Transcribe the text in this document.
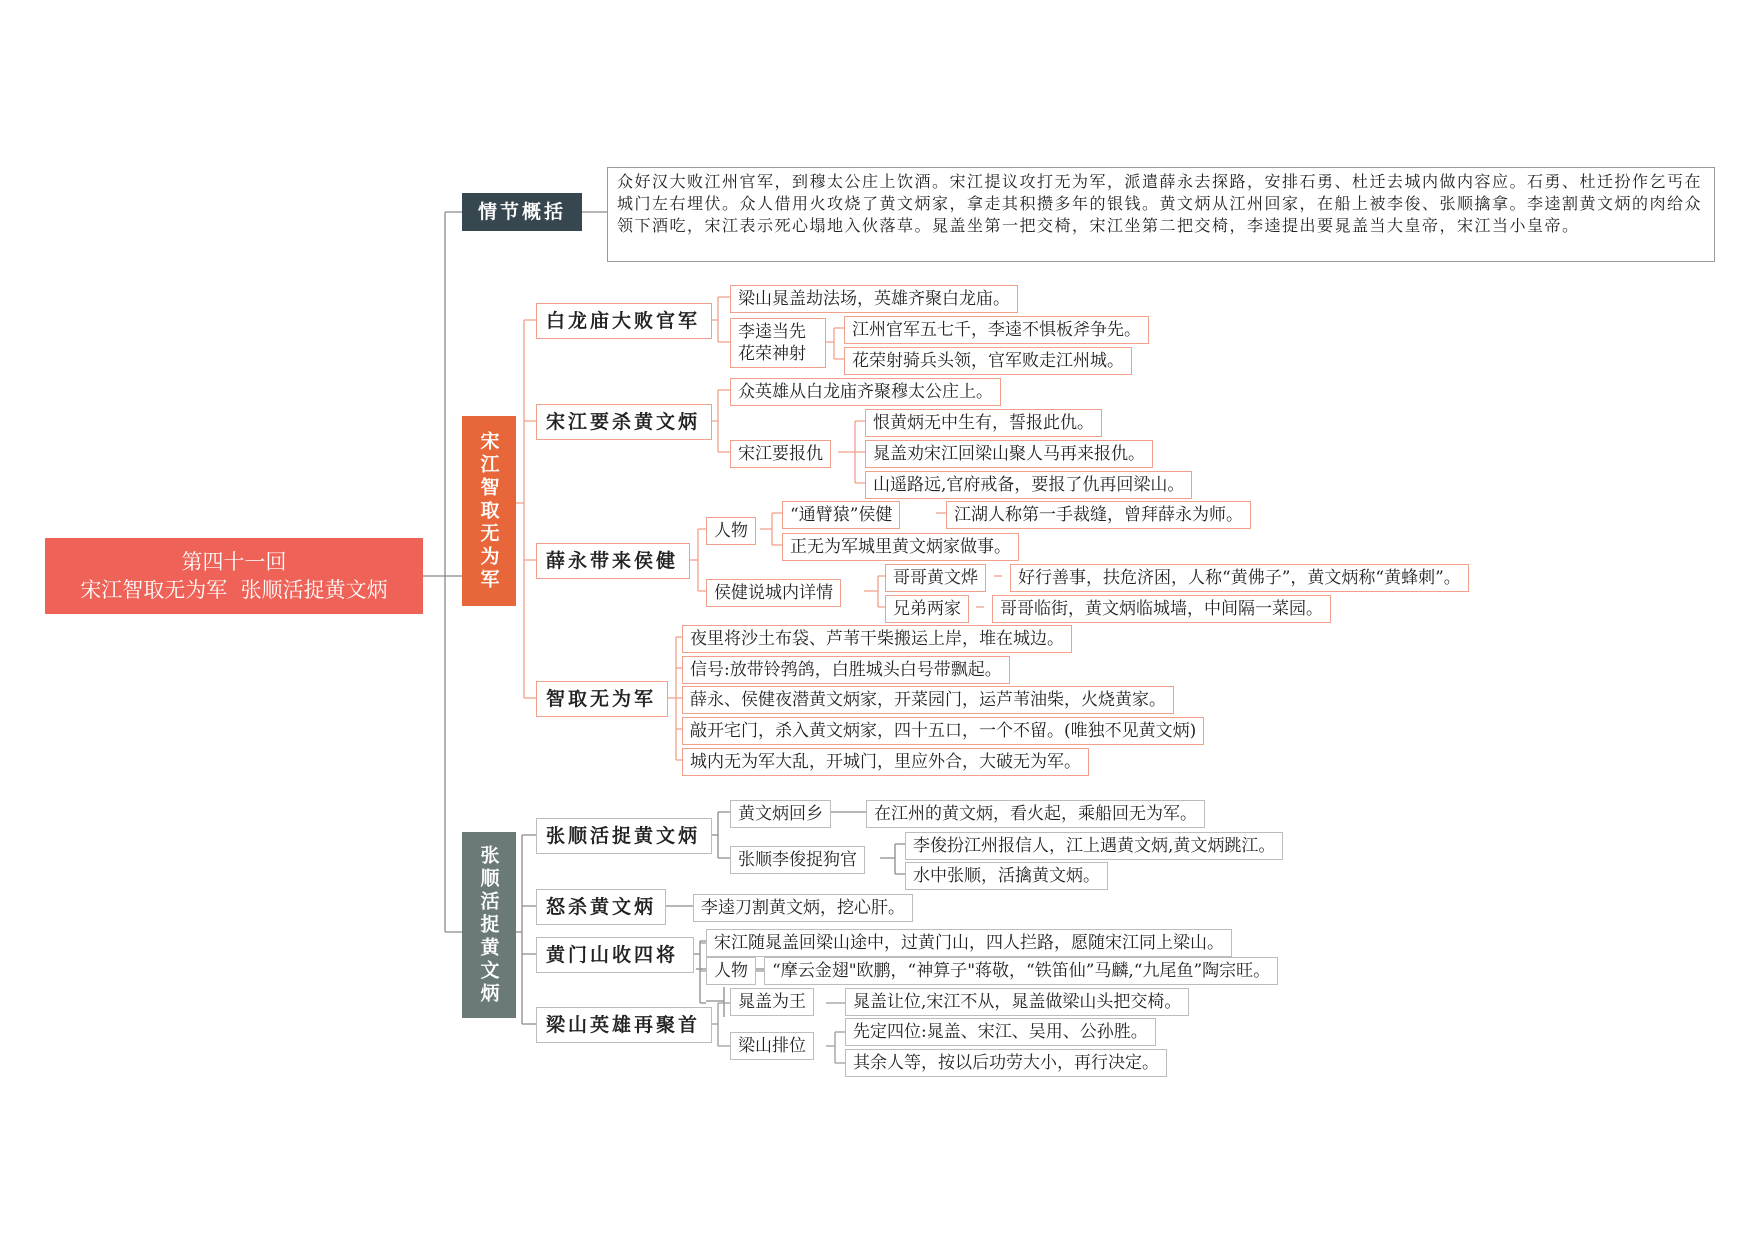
第四十一回
宋江智取无为军  张顺活捉黄文炳
情节概括
众好汉大败江州官军，到穆太公庄上饮酒。宋江提议攻打无为军，派遣薛永去探路，安排石勇、杜迁去城内做内容应。石勇、杜迁扮作乞丐在城门左右埋伏。众人借用火攻烧了黄文炳家，拿走其积攒多年的银钱。黄文炳从江州回家，在船上被李俊、张顺擒拿。李逵割黄文炳的肉给众领下酒吃，宋江表示死心塌地入伙落草。晁盖坐第一把交椅，宋江坐第二把交椅，李逵提出要晁盖当大皇帝，宋江当小皇帝。
宋江智取无为军
白龙庙大败官军
梁山晁盖劫法场，英雄齐聚白龙庙。
李逵当先
花荣神射
江州官军五七千，李逵不惧板斧争先。
花荣射骑兵头领，官军败走江州城。
宋江要杀黄文炳
众英雄从白龙庙齐聚穆太公庄上。
宋江要报仇
恨黄炳无中生有，誓报此仇。
晁盖劝宋江回梁山聚人马再来报仇。
山遥路远,官府戒备，要报了仇再回梁山。
薛永带来侯健
人物
“通臂猿”侯健	江湖人称第一手裁缝，曾拜薛永为师。
正无为军城里黄文炳家做事。
侯健说城内详情
哥哥黄文烨	好行善事，扶危济困，人称“黄佛子”，黄文炳称“黄蜂刺”。
兄弟两家	哥哥临街，黄文炳临城墙，中间隔一菜园。
智取无为军
夜里将沙土布袋、芦苇干柴搬运上岸，堆在城边。
信号:放带铃鹁鸽，白胜城头白号带飘起。
薛永、侯健夜潜黄文炳家，开菜园门，运芦苇油柴，火烧黄家。
敲开宅门，杀入黄文炳家，四十五口，一个不留。(唯独不见黄文炳)
城内无为军大乱，开城门，里应外合，大破无为军。
张顺活捉黄文炳
张顺活捉黄文炳
黄文炳回乡	在江州的黄文炳，看火起，乘船回无为军。
张顺李俊捉狗官
李俊扮江州报信人，江上遇黄文炳,黄文炳跳江。
水中张顺，活擒黄文炳。
怒杀黄文炳	李逵刀割黄文炳，挖心肝。
黄门山收四将
宋江随晁盖回梁山途中，过黄门山，四人拦路，愿随宋江同上梁山。
人物	“摩云金翅"欧鹏，“神算子"蒋敬，“铁笛仙”马麟,“九尾鱼”陶宗旺。
梁山英雄再聚首
晁盖为王	晁盖让位,宋江不从，晁盖做梁山头把交椅。
梁山排位
先定四位:晁盖、宋江、吴用、公孙胜。
其余人等，按以后功劳大小，再行决定。
